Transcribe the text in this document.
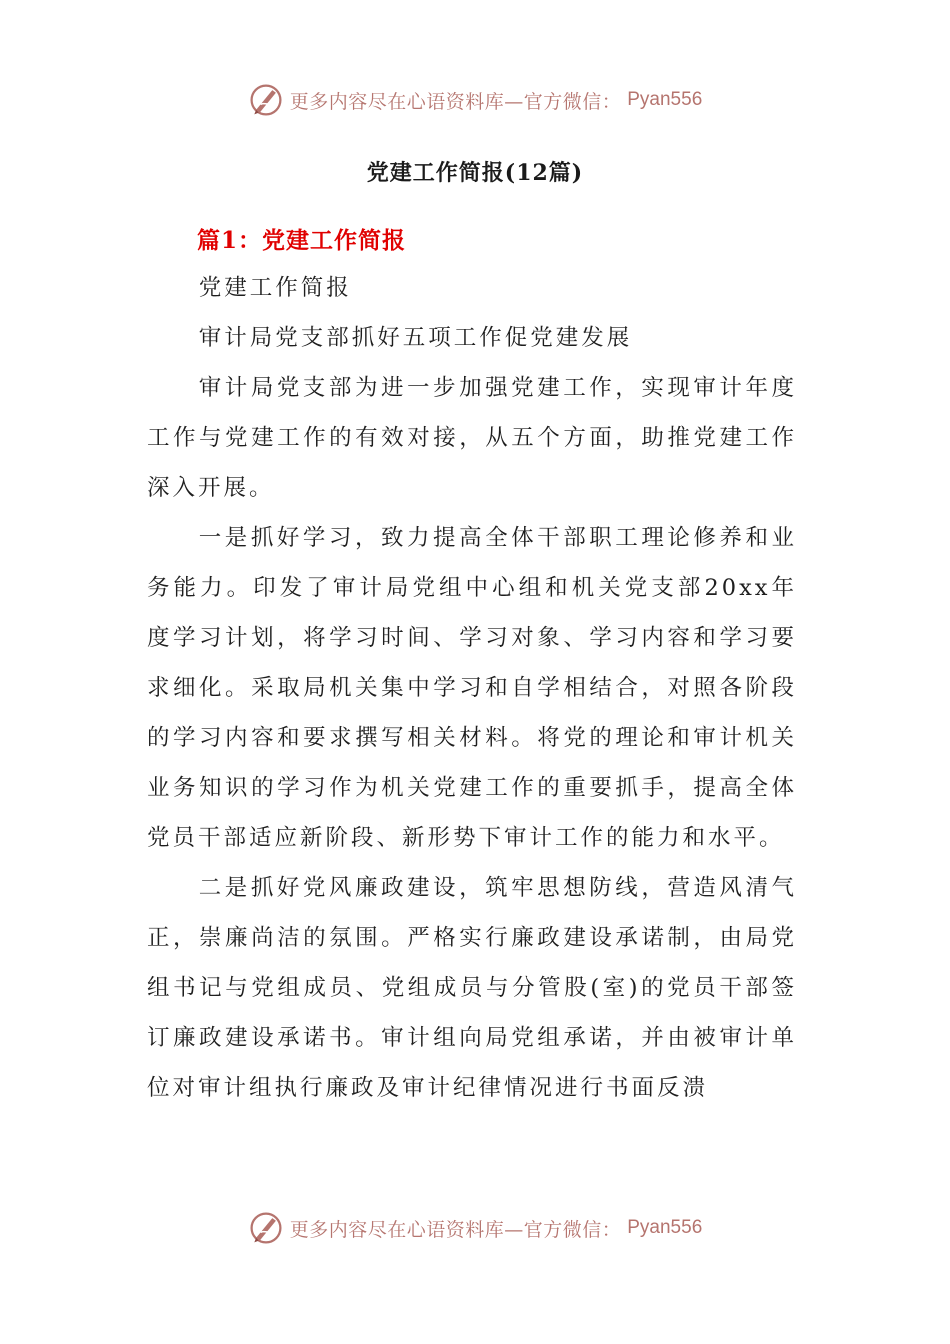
更多内容尽在心语资料库—官方微信： Pyan556
党建工作简报(12篇)
篇1：党建工作简报

党建工作简报

审计局党支部抓好五项工作促党建发展

审计局党支部为进一步加强党建工作，实现审计年度工作与党建工作的有效对接，从五个方面，助推党建工作深入开展。

一是抓好学习，致力提高全体干部职工理论修养和业务能力。印发了审计局党组中心组和机关党支部20xx年度学习计划，将学习时间、学习对象、学习内容和学习要求细化。采取局机关集中学习和自学相结合，对照各阶段的学习内容和要求撰写相关材料。将党的理论和审计机关业务知识的学习作为机关党建工作的重要抓手，提高全体党员干部适应新阶段、新形势下审计工作的能力和水平。

二是抓好党风廉政建设，筑牢思想防线，营造风清气正，崇廉尚洁的氛围。严格实行廉政建设承诺制，由局党组书记与党组成员、党组成员与分管股(室)的党员干部签订廉政建设承诺书。审计组向局党组承诺，并由被审计单位对审计组执行廉政及审计纪律情况进行书面反溃

更多内容尽在心语资料库—官方微信： Pyan556
